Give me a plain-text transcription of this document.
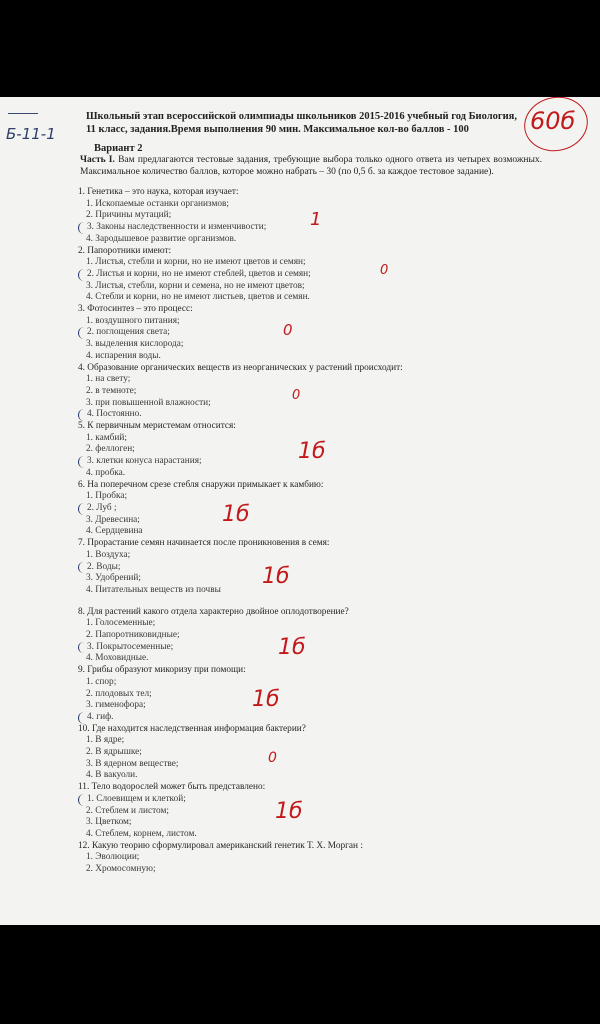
Б-11-1
Школьный этап всероссийской олимпиады школьников 2015-2016 учебный год Биология, 11 класс, задания.Время выполнения 90 мин. Максимальное кол-во баллов - 100	60б
Вариант 2
Часть I. Вам предлагаются тестовые задания, требующие выбора только одного ответа из четырех возможных. Максимальное количество баллов, которое можно набрать – 30 (по 0,5 б. за каждое тестовое задание).
1. Генетика – это наука, которая изучает:
1. Ископаемые останки организмов;
2. Причины мутаций;
3. Законы наследственности и изменчивости;
4. Зародышевое развитие организмов.
2. Папоротники имеют:
1. Листья, стебли и корни, но не имеют цветов и семян;
2. Листья и корни, но не имеют стеблей, цветов и семян;
3. Листья, стебли, корни и семена, но не имеют цветов;
4. Стебли и корни, но не имеют листьев, цветов и семян.
3. Фотосинтез – это процесс:
1. воздушного питания;
2. поглощения света;
3. выделения кислорода;
4. испарения воды.
4. Образование органических веществ из неорганических у растений происходит:
1. на свету;
2. в темноте;
3. при повышенной влажности;
4. Постоянно.
5. К первичным меристемам относится:
1. камбий;
2. феллоген;
3. клетки конуса нарастания;
4. пробка.
6. На поперечном срезе стебля снаружи примыкает к камбию:
1. Пробка;
2. Луб ;
3. Древесина;
4. Сердцевина
7. Прорастание семян начинается после проникновения в семя:
1. Воздуха;
2. Воды;
3. Удобрений;
4. Питательных веществ из почвы
8. Для растений какого отдела характерно двойное оплодотворение?
1. Голосеменные;
2. Папоротниковидные;
3. Покрытосеменные;
4. Моховидные.
9. Грибы образуют микоризу при помощи:
1. спор;
2. плодовых тел;
3. гименофора;
4. гиф.
10. Где находится наследственная информация бактерии?
1. В ядре;
2. В ядрышке;
3. В ядерном веществе;
4. В вакуоли.
11. Тело водорослей может быть представлено:
1. Слоевищем и клеткой;
2. Стеблем и листом;
3. Цветком;
4. Стеблем, корнем, листом.
12. Какую теорию сформулировал американский генетик Т. Х. Морган :
1. Эволюции;
2. Хромосомную;
1
0
0
0
1б
1б
1б
1б
1б
0
1б
